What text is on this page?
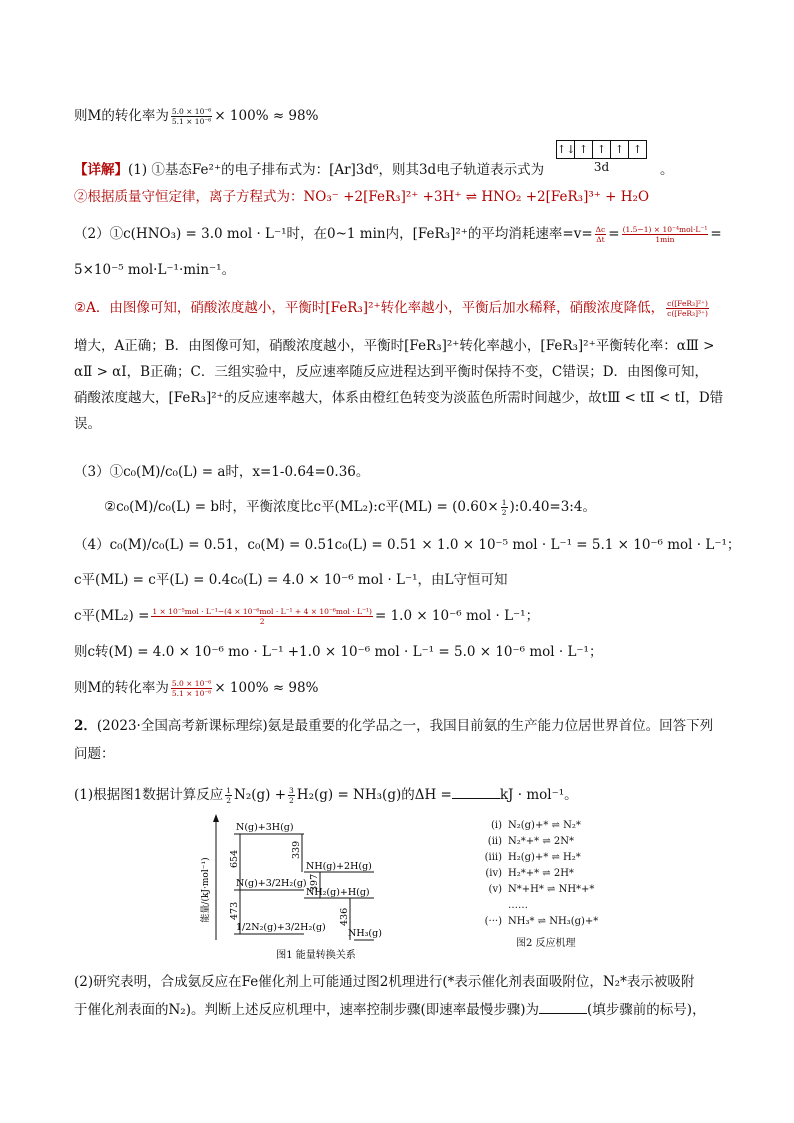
则M的转化率为 $\frac{\text{5.0 × 10⁻⁶}}{\text{5.1 × 10⁻⁶}} \times 100\% \approx 98\%$
【详解】(1) ①基态Fe²⁺的电子排布式为：[Ar]3d⁶，则其3d电子轨道表示式为	。
↑↓ ↑ ↑ ↑ ↑
3d
②根据质量守恒定律，离子方程式为：NO₃⁻ +2[FeR₃]²⁺ +3H⁺ ⇌ HNO₂ +2[FeR₃]³⁺ + H₂O
（2）①c(HNO₃) = 3.0 mol · L⁻¹时，在0~1 min内，[FeR₃]²⁺的平均消耗速率$=v= \frac{\Delta c}{\Delta t} = \frac{\text{(1.5−1) × 10⁻⁴mol·L⁻¹}}{1\min}$ =
5×10⁻⁵ mol·L⁻¹·min⁻¹。
②A．由图像可知，硝酸浓度越小，平衡时[FeR₃]²⁺转化率越小，平衡后加水稀释，硝酸浓度降低， $\frac{\text{c([FeR₃]²⁺)}}{\text{c([FeR₃]³⁺)}}$
增大，A正确；B．由图像可知，硝酸浓度越小，平衡时[FeR₃]²⁺转化率越小，[FeR₃]²⁺平衡转化率：αⅢ >
αⅡ > αⅠ，B正确；C．三组实验中，反应速率随反应进程达到平衡时保持不变，C错误；D．由图像可知，
硝酸浓度越大，[FeR₃]²⁺的反应速率越大，体系由橙红色转变为淡蓝色所需时间越少，故tⅢ < tⅡ < tⅠ，D错
误。
（3）①c₀(M)/c₀(L) = a时，x=1-0.64=0.36。
②c₀(M)/c₀(L) = b时，平衡浓度比c平(ML₂):c平$(ML) = (0.60\times \frac{1}{2}$ ):0.40=3:4。
（4）c₀(M)/c₀(L) = 0.51，c₀(M) = 0.51c₀(L) = 0.51 × 1.0 × 10⁻⁵ mol · L⁻¹ = 5.1 × 10⁻⁶ mol · L⁻¹；
c平(ML) = c平(L) = 0.4c₀(L) = 4.0 × 10⁻⁶ mol · L⁻¹，由L守恒可知
c平$(ML_2) = \frac{\text{1 × 10⁻⁵mol · L⁻¹−(4 × 10⁻⁶mol · L⁻¹ + 4 × 10⁻⁶mol · L⁻¹)}}{2} = 1.0 \times 10^{-6}$ mol · L⁻¹；
则c转(M) = 4.0 × 10⁻⁶ mo · L⁻¹ +1.0 × 10⁻⁶ mol · L⁻¹ = 5.0 × 10⁻⁶ mol · L⁻¹；
则M的转化率为 $\frac{\text{5.0 × 10⁻⁶}}{\text{5.1 × 10⁻⁶}} \times 100\% \approx 98\%$
2．(2023·全国高考新课标理综)氨是最重要的化学品之一，我国目前氨的生产能力位居世界首位。回答下列
问题：
(1)根据图1数据计算反应 $\frac{1}{2} N_2(g) + \frac{3}{2} H_2(g) = NH_3(g)$的ΔH =	kJ · mol⁻¹。
能量/(kJ·mol⁻¹)
N(g)+3H(g)
NH(g)+2H(g)
N(g)+3/2H₂(g)
NH₂(g)+H(g)
1/2N₂(g)+3/2H₂(g)
NH₃(g)
654	339
397
473	436
图1 能量转换关系
(i) N₂(g)+* ⇌ N₂*
(ii) N₂*+* ⇌ 2N*
(iii) H₂(g)+* ⇌ H₂*
(iv) H₂*+* ⇌ 2H*
(v) N*+H* ⇌ NH*+*
……
(···) NH₃* ⇌ NH₃(g)+*
图2 反应机理
(2)研究表明，合成氨反应在Fe催化剂上可能通过图2机理进行(*表示催化剂表面吸附位，N₂*表示被吸附
于催化剂表面的N₂)。判断上述反应机理中，速率控制步骤(即速率最慢步骤)为	(填步骤前的标号)，
